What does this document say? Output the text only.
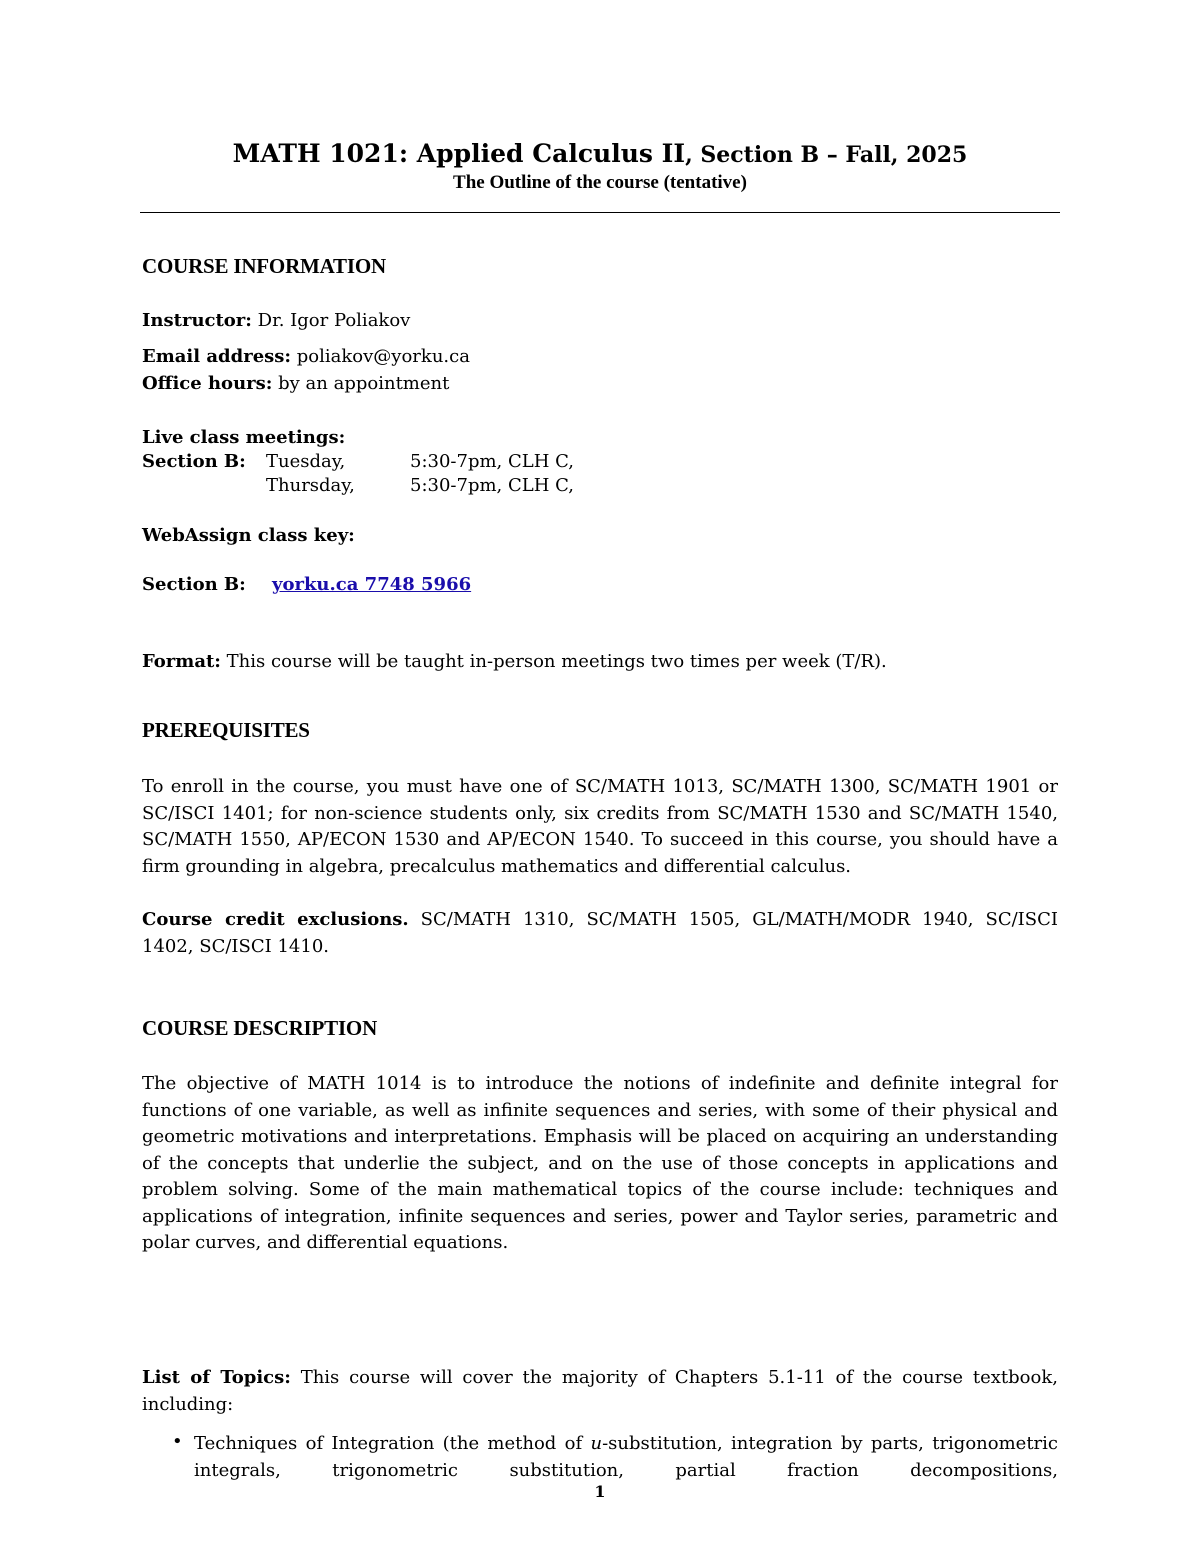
MATH 1021: Applied Calculus II, Section B – Fall, 2025
The Outline of the course (tentative)
COURSE INFORMATION
Instructor: Dr. Igor Poliakov
Email address: poliakov@yorku.ca
Office hours: by an appointment
Live class meetings:
Section B: Tuesday,	5:30-7pm, CLH C,
Thursday,	5:30-7pm, CLH C,
WebAssign class key:
Section B: yorku.ca 7748 5966
Format: This course will be taught in-person meetings two times per week (T/R).
PREREQUISITES
To enroll in the course, you must have one of SC/MATH 1013, SC/MATH 1300, SC/MATH 1901 or SC/ISCI 1401; for non-science students only, six credits from SC/MATH 1530 and SC/MATH 1540, SC/MATH 1550, AP/ECON 1530 and AP/ECON 1540. To succeed in this course, you should have a firm grounding in algebra, precalculus mathematics and differential calculus.
Course credit exclusions. SC/MATH 1310, SC/MATH 1505, GL/MATH/MODR 1940, SC/ISCI 1402, SC/ISCI 1410.
COURSE DESCRIPTION
The objective of MATH 1014 is to introduce the notions of indefinite and definite integral for functions of one variable, as well as infinite sequences and series, with some of their physical and geometric motivations and interpretations. Emphasis will be placed on acquiring an understanding of the concepts that underlie the subject, and on the use of those concepts in applications and problem solving. Some of the main mathematical topics of the course include: techniques and applications of integration, infinite sequences and series, power and Taylor series, parametric and polar curves, and differential equations.
List of Topics: This course will cover the majority of Chapters 5.1-11 of the course textbook, including:
• Techniques of Integration (the method of u-substitution, integration by parts, trigonometric integrals, trigonometric substitution, partial fraction decompositions,
1
